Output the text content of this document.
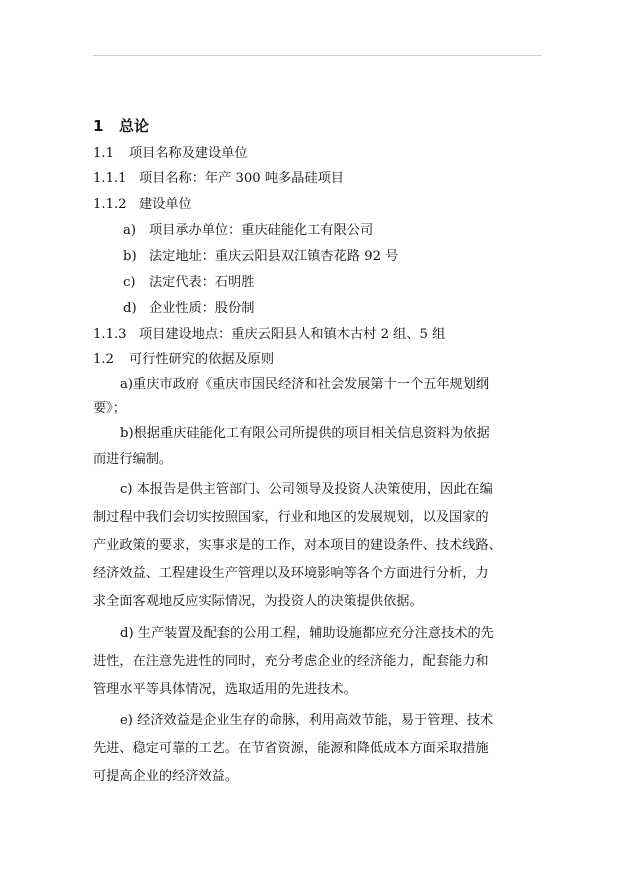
1 总论
1.1 项目名称及建设单位
1.1.1 项目名称：年产 300 吨多晶硅项目
1.1.2 建设单位
a) 项目承办单位：重庆硅能化工有限公司
b) 法定地址：重庆云阳县双江镇杏花路 92 号
c) 法定代表：石明胜
d) 企业性质：股份制
1.1.3 项目建设地点：重庆云阳县人和镇木古村 2 组、5 组
1.2 可行性研究的依据及原则
a)重庆市政府《重庆市国民经济和社会发展第十一个五年规划纲
要》；
b)根据重庆硅能化工有限公司所提供的项目相关信息资料为依据
而进行编制。
c) 本报告是供主管部门、公司领导及投资人决策使用，因此在编
制过程中我们会切实按照国家，行业和地区的发展规划，以及国家的
产业政策的要求，实事求是的工作，对本项目的建设条件、技术线路、
经济效益、工程建设生产管理以及环境影响等各个方面进行分析，力
求全面客观地反应实际情况，为投资人的决策提供依据。
d) 生产装置及配套的公用工程，辅助设施都应充分注意技术的先
进性，在注意先进性的同时，充分考虑企业的经济能力，配套能力和
管理水平等具体情况，选取适用的先进技术。
e) 经济效益是企业生存的命脉，利用高效节能，易于管理、技术
先进、稳定可靠的工艺。在节省资源，能源和降低成本方面采取措施
可提高企业的经济效益。
